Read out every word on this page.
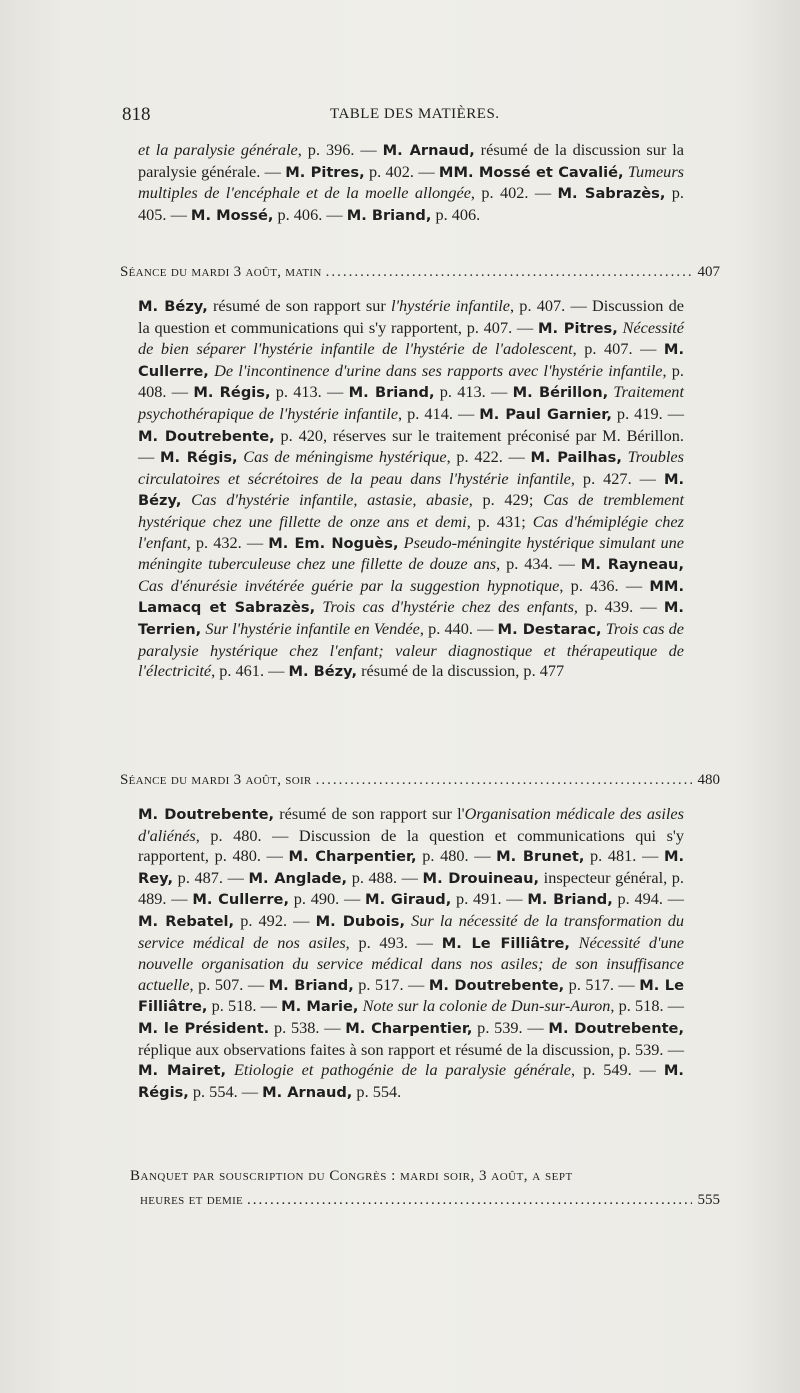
818	TABLE DES MATIÈRES.
et la paralysie générale, p. 396. — M. Arnaud, résumé de la discussion sur la paralysie générale. — M. Pitres, p. 402. — MM. Mossé et Cavalié, Tumeurs multiples de l'encéphale et de la moelle allongée, p. 402. — M. Sabrazès, p. 405. — M. Mossé, p. 406. — M. Briand, p. 406.
Séance du mardi 3 août, matin .....	407
M. Bézy, résumé de son rapport sur l'hystérie infantile, p. 407. — Discussion de la question et communications qui s'y rapportent, p. 407. — M. Pitres, Nécessité de bien séparer l'hystérie infantile de l'hystérie de l'adolescent, p. 407. — M. Cullerre, De l'incontinence d'urine dans ses rapports avec l'hystérie infantile, p. 408. — M. Régis, p. 413. — M. Briand, p. 413. — M. Bérillon, Traitement psychothérapique de l'hystérie infantile, p. 414. — M. Paul Garnier, p. 419. — M. Doutrebente, p. 420, réserves sur le traitement préconisé par M. Bérillon. — M. Régis, Cas de méningisme hystérique, p. 422. — M. Pailhas, Troubles circulatoires et sécrétoires de la peau dans l'hystérie infantile, p. 427. — M. Bézy, Cas d'hystérie infantile, astasie, abasie, p. 429; Cas de tremblement hystérique chez une fillette de onze ans et demi, p. 431; Cas d'hémiplégie chez l'enfant, p. 432. — M. Em. Noguès, Pseudo-méningite hystérique simulant une méningite tuberculeuse chez une fillette de douze ans, p. 434. — M. Rayneau, Cas d'énurésie invétérée guérie par la suggestion hypnotique, p. 436. — MM. Lamacq et Sabrazès, Trois cas d'hystérie chez des enfants, p. 439. — M. Terrien, Sur l'hystérie infantile en Vendée, p. 440. — M. Destarac, Trois cas de paralysie hystérique chez l'enfant; valeur diagnostique et thérapeutique de l'électricité, p. 461. — M. Bézy, résumé de la discussion, p. 477
Séance du mardi 3 août, soir .....	480
M. Doutrebente, résumé de son rapport sur l'Organisation médicale des asiles d'aliénés, p. 480. — Discussion de la question et communications qui s'y rapportent, p. 480. — M. Charpentier, p. 480. — M. Brunet, p. 481. — M. Rey, p. 487. — M. Anglade, p. 488. — M. Drouineau, inspecteur général, p. 489. — M. Cullerre, p. 490. — M. Giraud, p. 491. — M. Briand, p. 494. — M. Rebatel, p. 492. — M. Dubois, Sur la nécessité de la transformation du service médical de nos asiles, p. 493. — M. Le Filliâtre, Nécessité d'une nouvelle organisation du service médical dans nos asiles; de son insuffisance actuelle, p. 507. — M. Briand, p. 517. — M. Doutrebente, p. 517. — M. Le Filliâtre, p. 518. — M. Marie, Note sur la colonie de Dun-sur-Auron, p. 518. — M. le Président. p. 538. — M. Charpentier, p. 539. — M. Doutrebente, réplique aux observations faites à son rapport et résumé de la discussion, p. 539. — M. Mairet, Etiologie et pathogénie de la paralysie générale, p. 549. — M. Régis, p. 554. — M. Arnaud, p. 554.
Banquet par souscription du Congrès : mardi soir, 3 août, a sept
heures et demie .....	555
